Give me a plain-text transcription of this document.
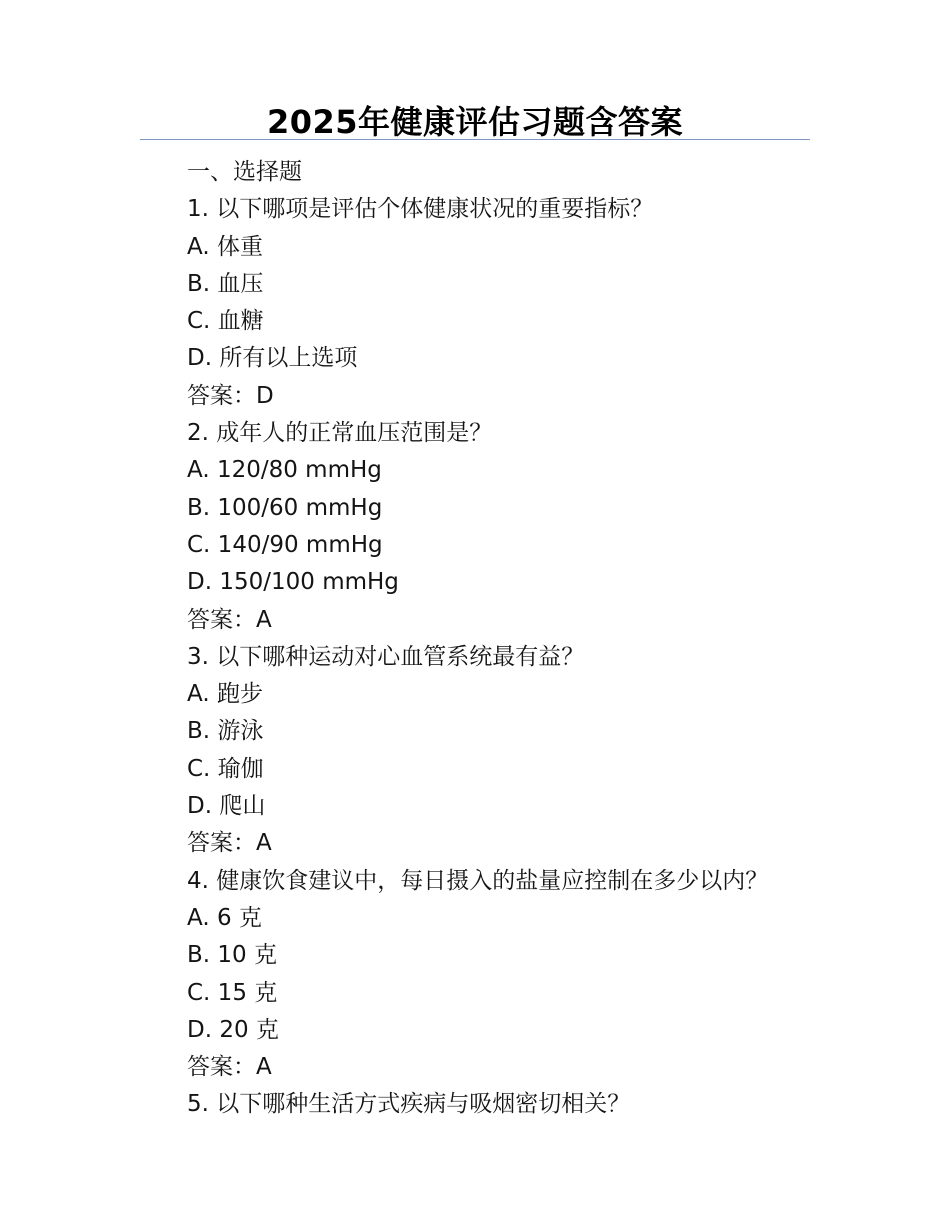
2025年健康评估习题含答案
一、选择题
1. 以下哪项是评估个体健康状况的重要指标？
A. 体重
B. 血压
C. 血糖
D. 所有以上选项
答案：D
2. 成年人的正常血压范围是？
A. 120/80 mmHg
B. 100/60 mmHg
C. 140/90 mmHg
D. 150/100 mmHg
答案：A
3. 以下哪种运动对心血管系统最有益？
A. 跑步
B. 游泳
C. 瑜伽
D. 爬山
答案：A
4. 健康饮食建议中，每日摄入的盐量应控制在多少以内？
A. 6 克
B. 10 克
C. 15 克
D. 20 克
答案：A
5. 以下哪种生活方式疾病与吸烟密切相关？
